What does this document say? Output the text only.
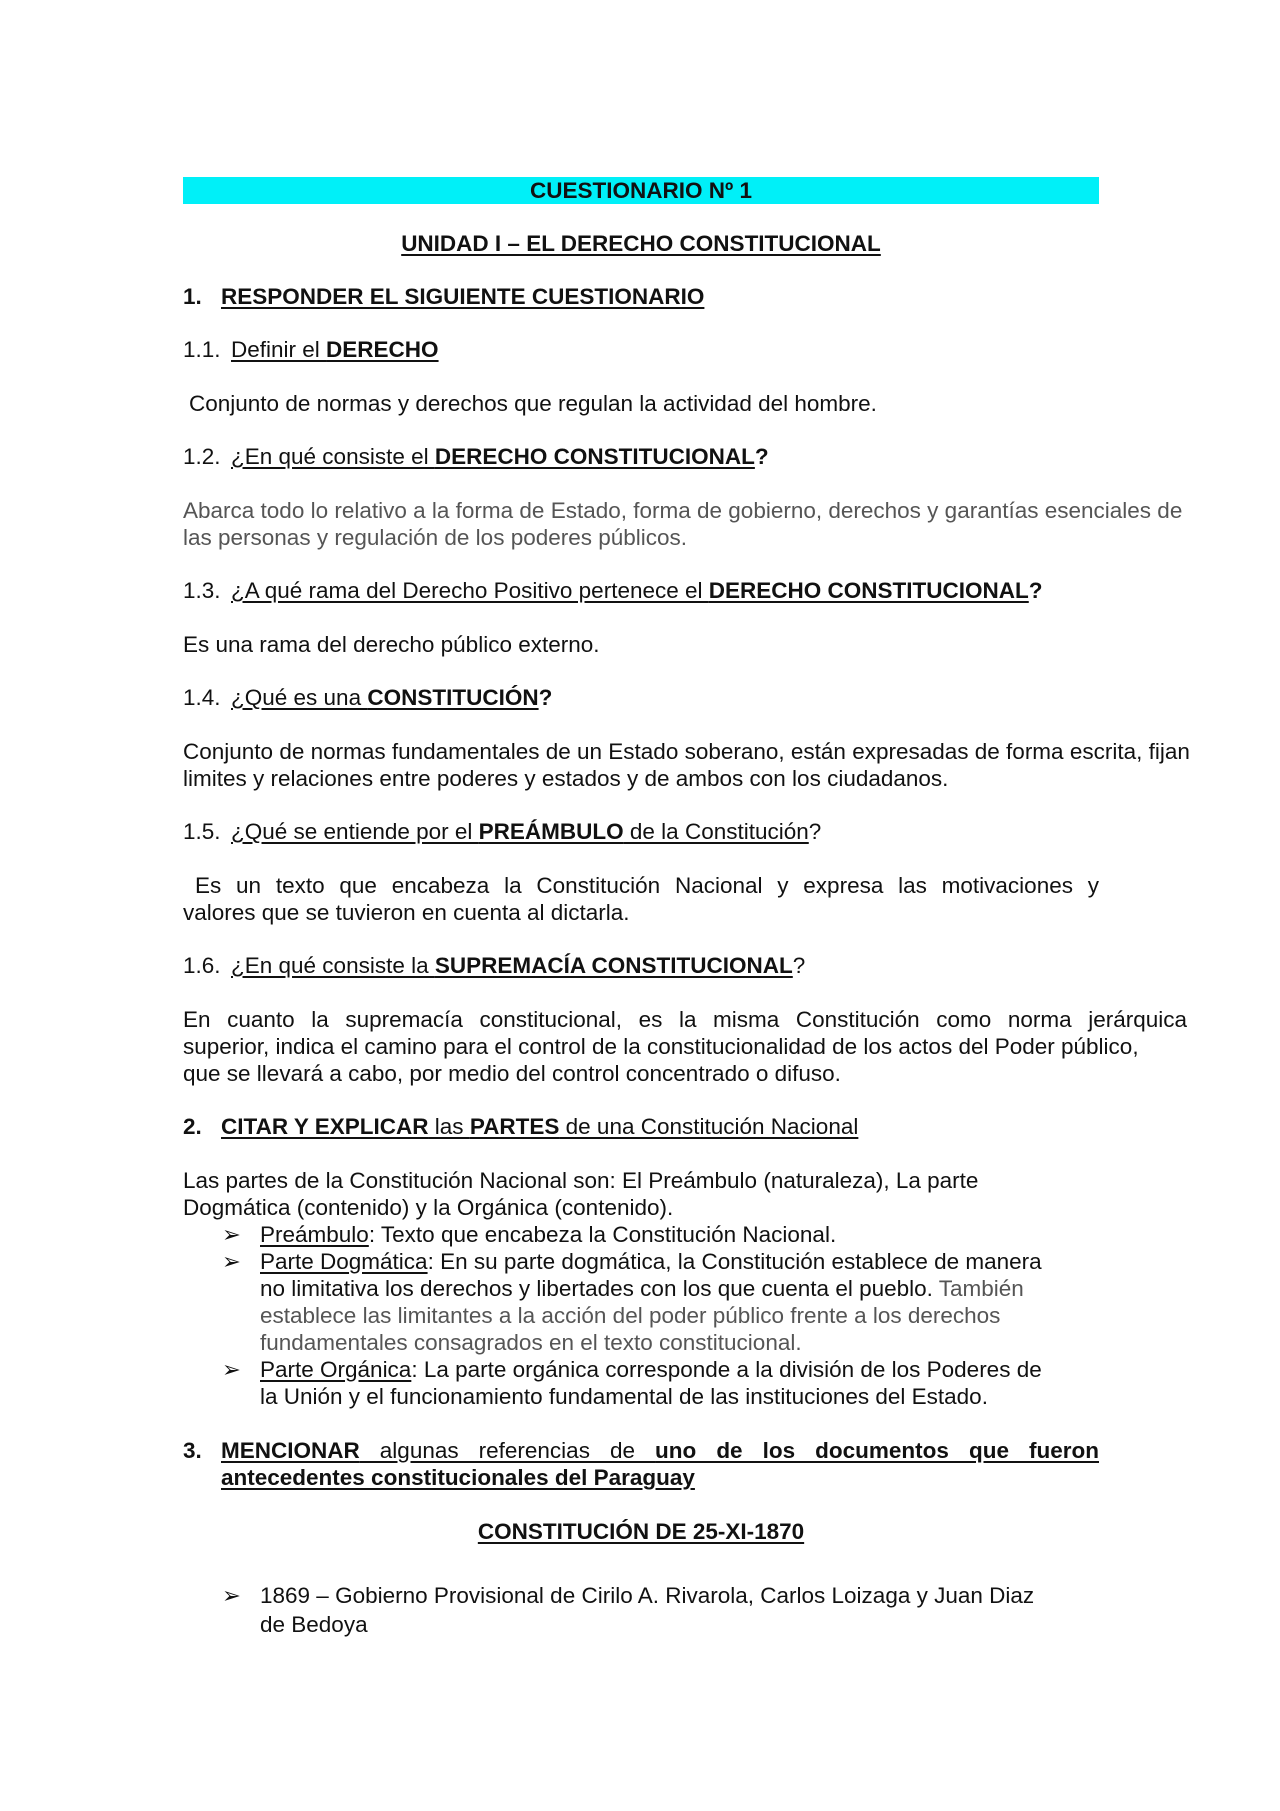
CUESTIONARIO Nº 1
UNIDAD I – EL DERECHO CONSTITUCIONAL
1. RESPONDER EL SIGUIENTE CUESTIONARIO
1.1. Definir el DERECHO
Conjunto de normas y derechos que regulan la actividad del hombre.
1.2. ¿En qué consiste el DERECHO CONSTITUCIONAL?
Abarca todo lo relativo a la forma de Estado, forma de gobierno, derechos y garantías esenciales de
las personas y regulación de los poderes públicos.
1.3. ¿A qué rama del Derecho Positivo pertenece el DERECHO CONSTITUCIONAL?
Es una rama del derecho público externo.
1.4. ¿Qué es una CONSTITUCIÓN?
Conjunto de normas fundamentales de un Estado soberano, están expresadas de forma escrita, fijan
limites y relaciones entre poderes y estados y de ambos con los ciudadanos.
1.5. ¿Qué se entiende por el PREÁMBULO de la Constitución?
Es un texto que encabeza la Constitución Nacional y expresa las motivaciones y
valores que se tuvieron en cuenta al dictarla.
1.6. ¿En qué consiste la SUPREMACÍA CONSTITUCIONAL?
En cuanto la supremacía constitucional, es la misma Constitución como norma jerárquica
superior, indica el camino para el control de la constitucionalidad de los actos del Poder público,
que se llevará a cabo, por medio del control concentrado o difuso.
2. CITAR Y EXPLICAR las PARTES de una Constitución Nacional
Las partes de la Constitución Nacional son: El Preámbulo (naturaleza), La parte
Dogmática (contenido) y la Orgánica (contenido).
➢ Preámbulo: Texto que encabeza la Constitución Nacional.
➢ Parte Dogmática: En su parte dogmática, la Constitución establece de manera
no limitativa los derechos y libertades con los que cuenta el pueblo. También
establece las limitantes a la acción del poder público frente a los derechos
fundamentales consagrados en el texto constitucional.
➢ Parte Orgánica: La parte orgánica corresponde a la división de los Poderes de
la Unión y el funcionamiento fundamental de las instituciones del Estado.
3. MENCIONAR algunas referencias de uno de los documentos que fueron
antecedentes constitucionales del Paraguay
CONSTITUCIÓN DE 25-XI-1870
➢ 1869 – Gobierno Provisional de Cirilo A. Rivarola, Carlos Loizaga y Juan Diaz
de Bedoya
